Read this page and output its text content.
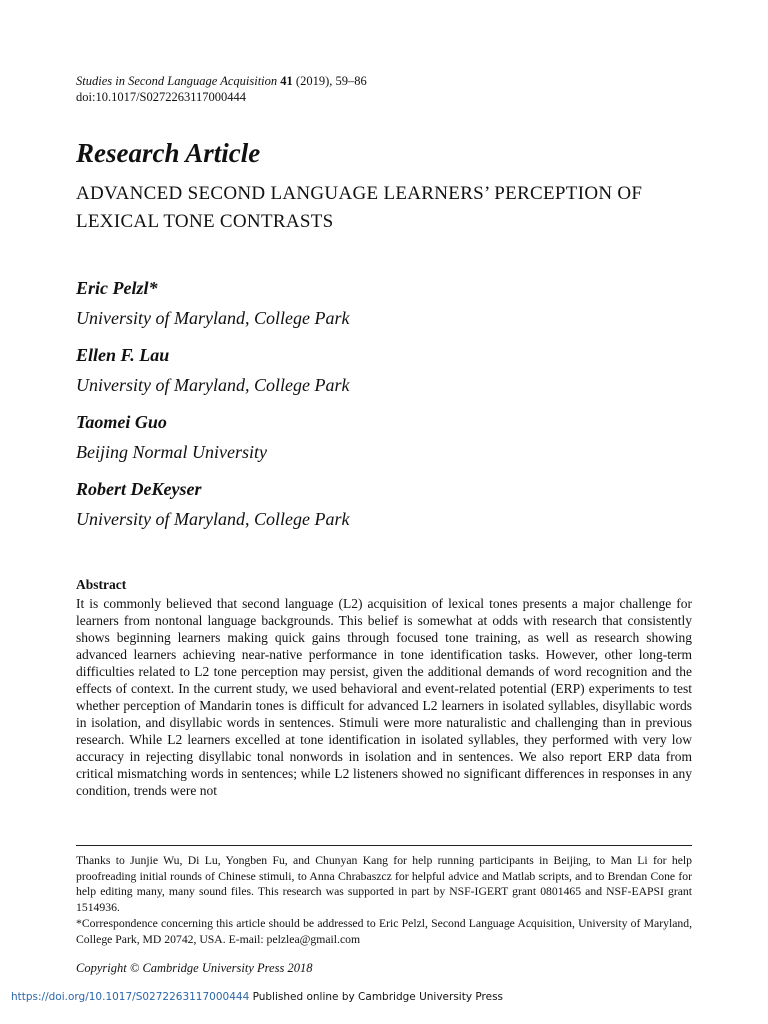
Studies in Second Language Acquisition 41 (2019), 59–86
doi:10.1017/S0272263117000444
Research Article
ADVANCED SECOND LANGUAGE LEARNERS’ PERCEPTION OF LEXICAL TONE CONTRASTS
Eric Pelzl*
University of Maryland, College Park
Ellen F. Lau
University of Maryland, College Park
Taomei Guo
Beijing Normal University
Robert DeKeyser
University of Maryland, College Park
Abstract
It is commonly believed that second language (L2) acquisition of lexical tones presents a major challenge for learners from nontonal language backgrounds. This belief is somewhat at odds with research that consistently shows beginning learners making quick gains through focused tone training, as well as research showing advanced learners achieving near-native performance in tone identification tasks. However, other long-term difficulties related to L2 tone perception may persist, given the additional demands of word recognition and the effects of context. In the current study, we used behavioral and event-related potential (ERP) experiments to test whether perception of Mandarin tones is difficult for advanced L2 learners in isolated syllables, disyllabic words in isolation, and disyllabic words in sentences. Stimuli were more naturalistic and challenging than in previous research. While L2 learners excelled at tone identification in isolated syllables, they performed with very low accuracy in rejecting disyllabic tonal nonwords in isolation and in sentences. We also report ERP data from critical mismatching words in sentences; while L2 listeners showed no significant differences in responses in any condition, trends were not
Thanks to Junjie Wu, Di Lu, Yongben Fu, and Chunyan Kang for help running participants in Beijing, to Man Li for help proofreading initial rounds of Chinese stimuli, to Anna Chrabaszcz for helpful advice and Matlab scripts, and to Brendan Cone for help editing many, many sound files. This research was supported in part by NSF-IGERT grant 0801465 and NSF-EAPSI grant 1514936.
*Correspondence concerning this article should be addressed to Eric Pelzl, Second Language Acquisition, University of Maryland, College Park, MD 20742, USA. E-mail: pelzlea@gmail.com
Copyright © Cambridge University Press 2018
https://doi.org/10.1017/S0272263117000444 Published online by Cambridge University Press
